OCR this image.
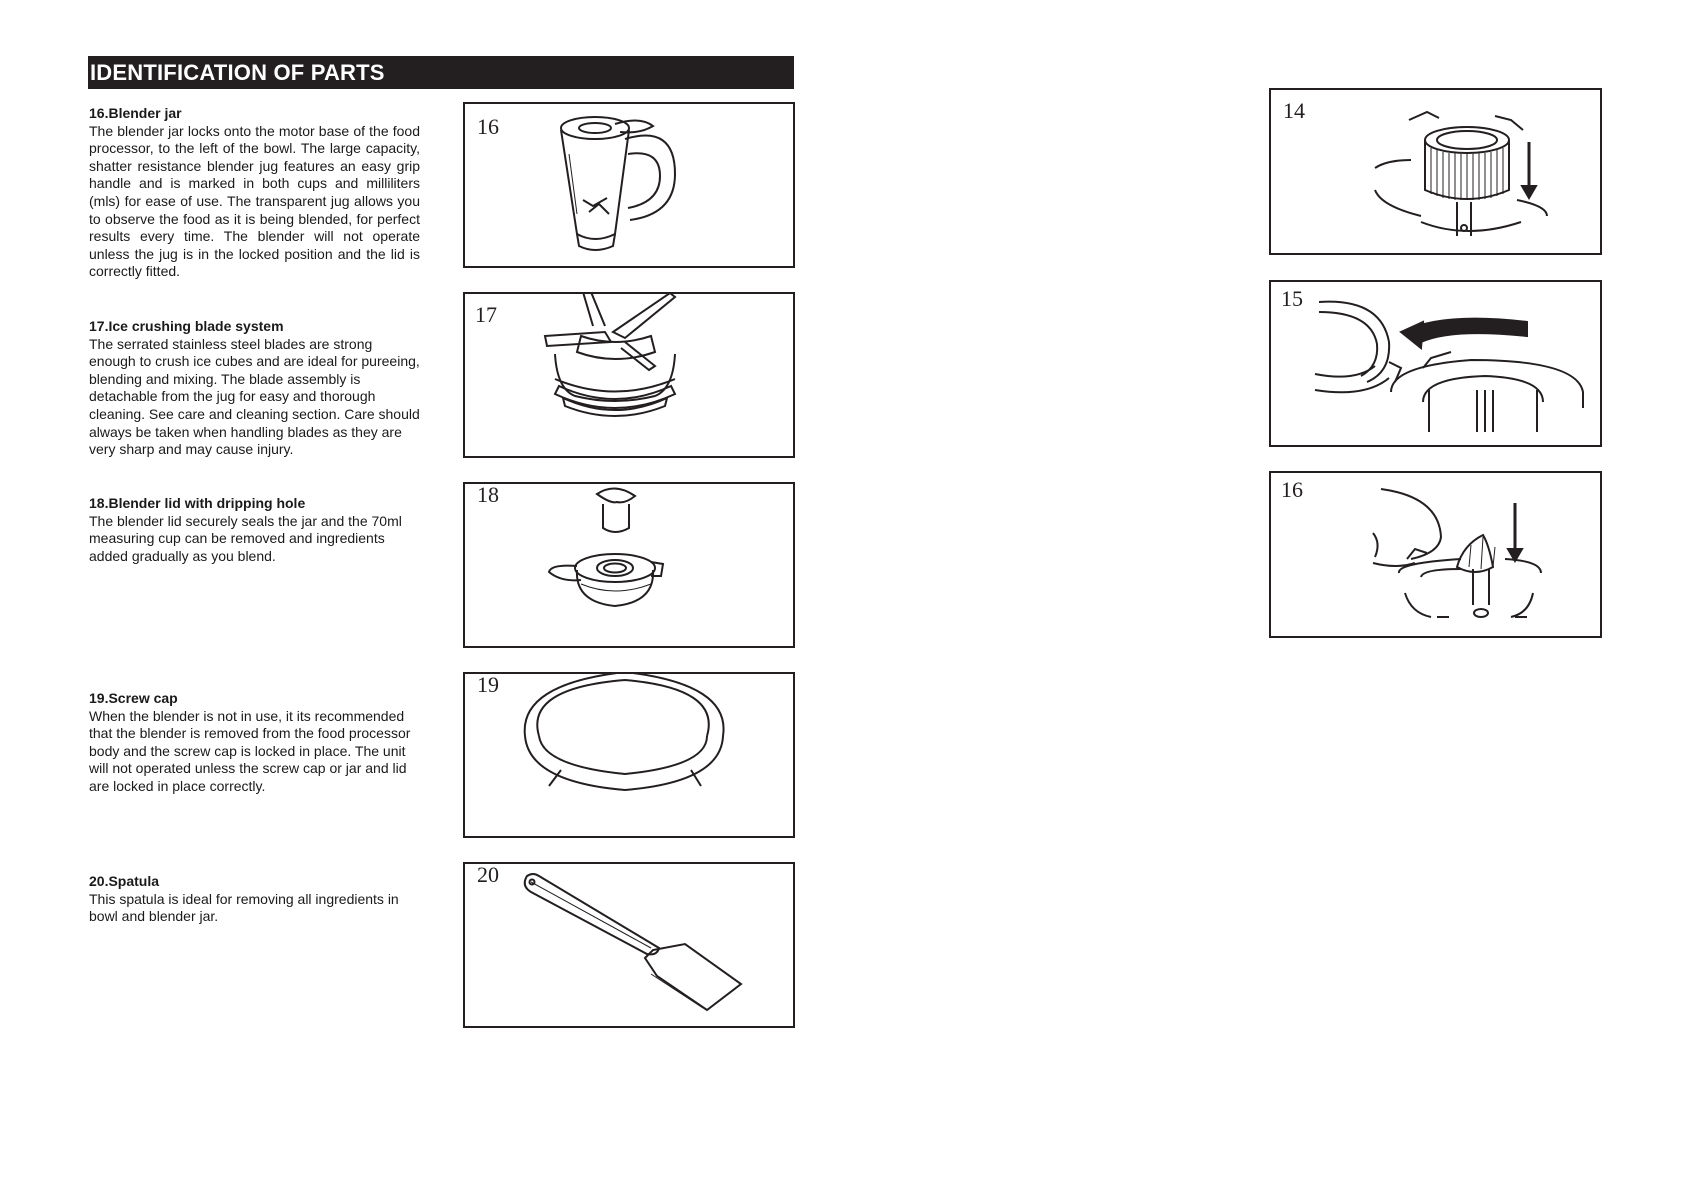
IDENTIFICATION OF PARTS
16.Blender jar

The blender jar locks onto the motor base of the food processor, to the left of the bowl. The large capacity, shatter resistance blender jug features an easy grip handle and is marked in both cups and milliliters (mls) for ease of use. The transparent jug allows you to observe the food as it is being blended, for perfect results every time. The blender will not operate unless the jug is in the locked position and the lid is correctly fitted.

17.Ice crushing blade system

The serrated stainless steel blades are strong enough to crush ice cubes and are ideal for pureeing, blending and mixing. The blade assembly is detachable from the jug for easy and thorough cleaning. See care and cleaning section. Care should always be taken when handling blades as they are very sharp and may cause injury.

18.Blender lid with dripping hole

The blender lid securely seals the jar and the 70ml measuring cup can be removed and ingredients added gradually as you blend.

19.Screw cap

When the blender is not in use, it its recommended that the blender is removed from the food processor body and the screw cap is locked in place. The unit will not operated unless the screw cap or jar and lid are locked in place correctly.

20.Spatula

This spatula is ideal for removing all ingredients in bowl and blender jar.

16
17
18
19
20
14
15
16
